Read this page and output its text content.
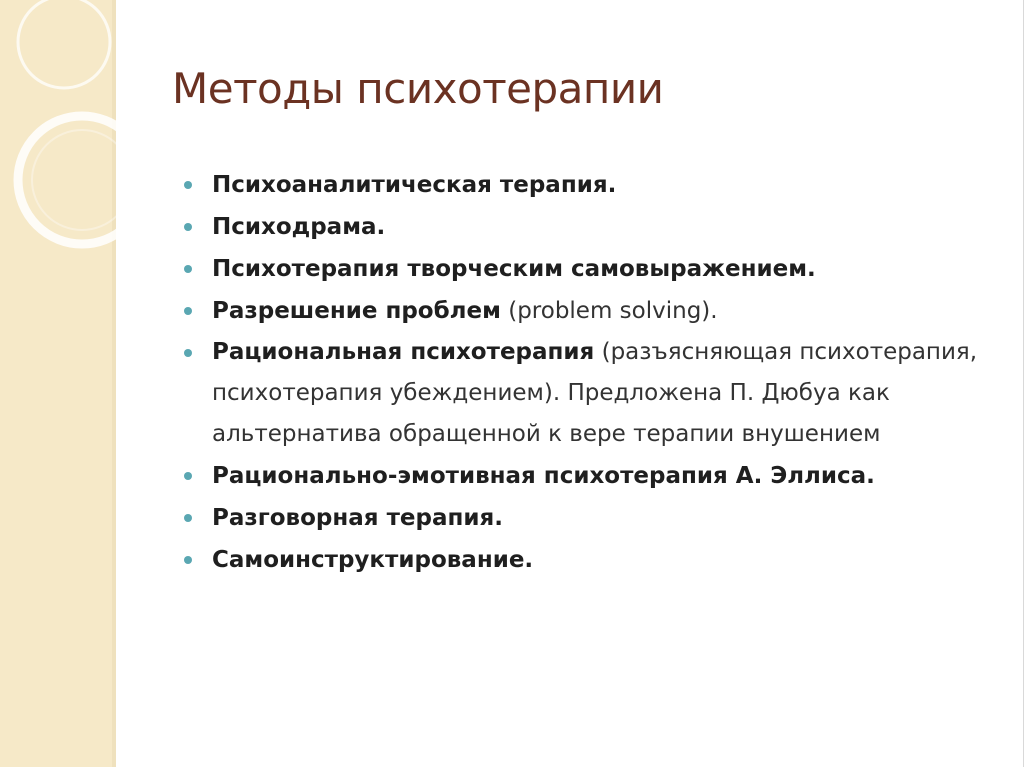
Методы психотерапии
Психоаналитическая терапия.
Психодрама.
Психотерапия творческим самовыражением.
Разрешение проблем (problem solving).
Рациональная психотерапия (разъясняющая психотерапия, психотерапия убеждением). Предложена П. Дюбуа как альтернатива обращенной к вере терапии внушением
Рационально-эмотивная психотерапия А. Эллиса.
Разговорная терапия.
Самоинструктирование.
